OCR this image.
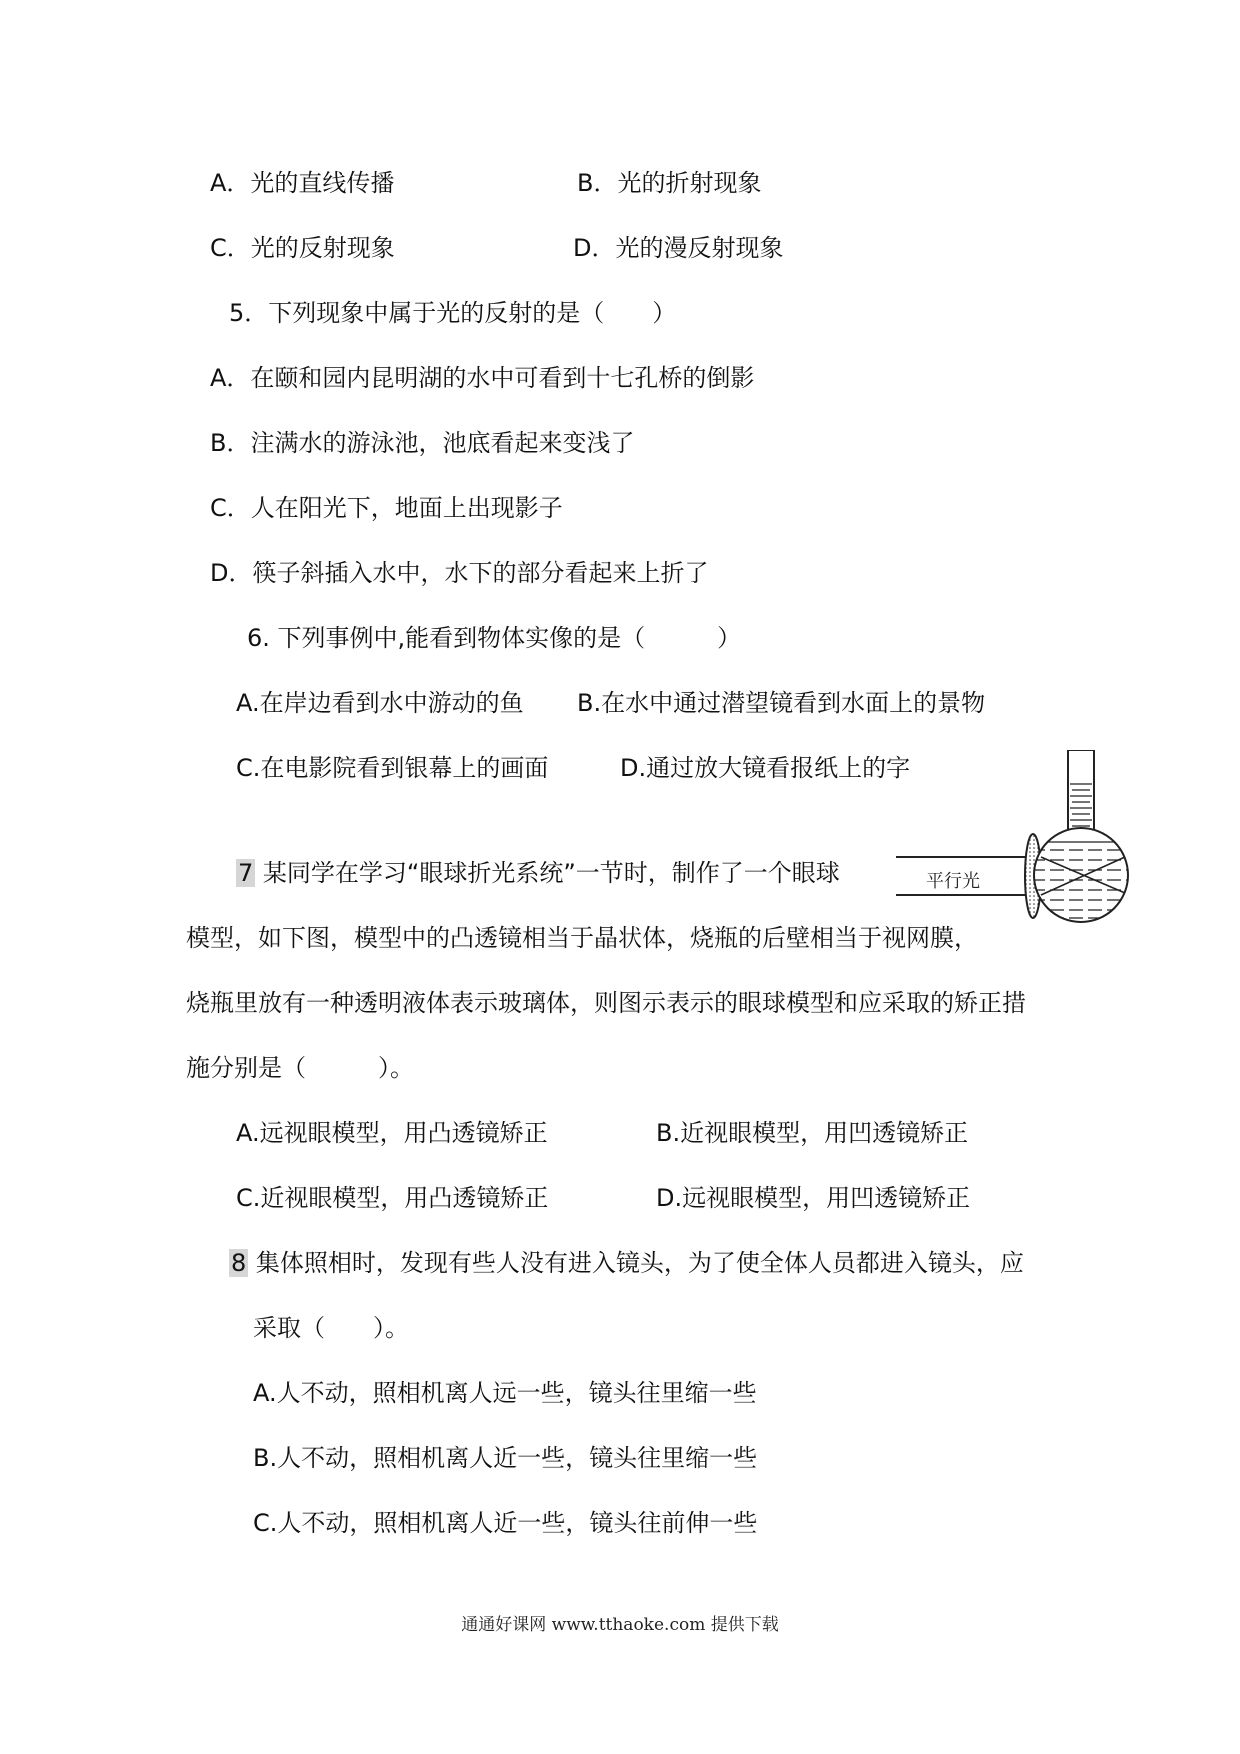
A．光的直线传播	B．光的折射现象
C．光的反射现象	D．光的漫反射现象
5．下列现象中属于光的反射的是（　　）
A．在颐和园内昆明湖的水中可看到十七孔桥的倒影
B．注满水的游泳池，池底看起来变浅了
C．人在阳光下，地面上出现影子
D．筷子斜插入水中，水下的部分看起来上折了
6. 下列事例中,能看到物体实像的是（　　　）
A.在岸边看到水中游动的鱼 B.在水中通过潜望镜看到水面上的景物
C.在电影院看到银幕上的画面	D.通过放大镜看报纸上的字
7 某同学在学习“眼球折光系统”一节时，制作了一个眼球
模型，如下图，模型中的凸透镜相当于晶状体，烧瓶的后壁相当于视网膜，
烧瓶里放有一种透明液体表示玻璃体，则图示表示的眼球模型和应采取的矫正措
施分别是（　　　）。
A.远视眼模型，用凸透镜矫正	B.近视眼模型，用凹透镜矫正
C.近视眼模型，用凸透镜矫正	D.远视眼模型，用凹透镜矫正
平行光
8 集体照相时，发现有些人没有进入镜头，为了使全体人员都进入镜头，应
采取（　　）。
A.人不动，照相机离人远一些，镜头往里缩一些
B.人不动，照相机离人近一些，镜头往里缩一些
C.人不动，照相机离人近一些，镜头往前伸一些
通通好课网 www.tthaoke.com 提供下载
